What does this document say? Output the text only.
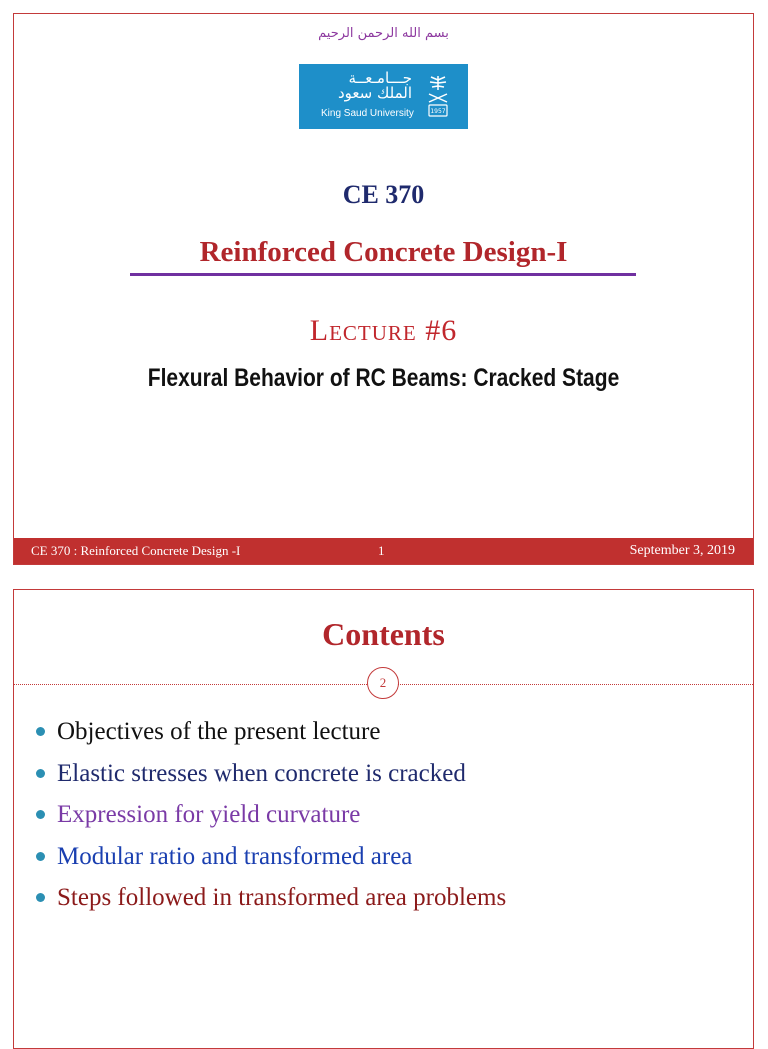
بسم الله الرحمن الرحيم
جـــامـعــة
الملك سعود
King Saud University	1957
CE 370
Reinforced Concrete Design-I
Lecture #6
Flexural Behavior of RC Beams: Cracked Stage
CE 370 : Reinforced Concrete Design -I	1	September 3, 2019
Contents
2
Objectives of the present lecture
Elastic stresses when concrete is cracked
Expression for yield curvature
Modular ratio and transformed area
Steps followed in transformed area problems
